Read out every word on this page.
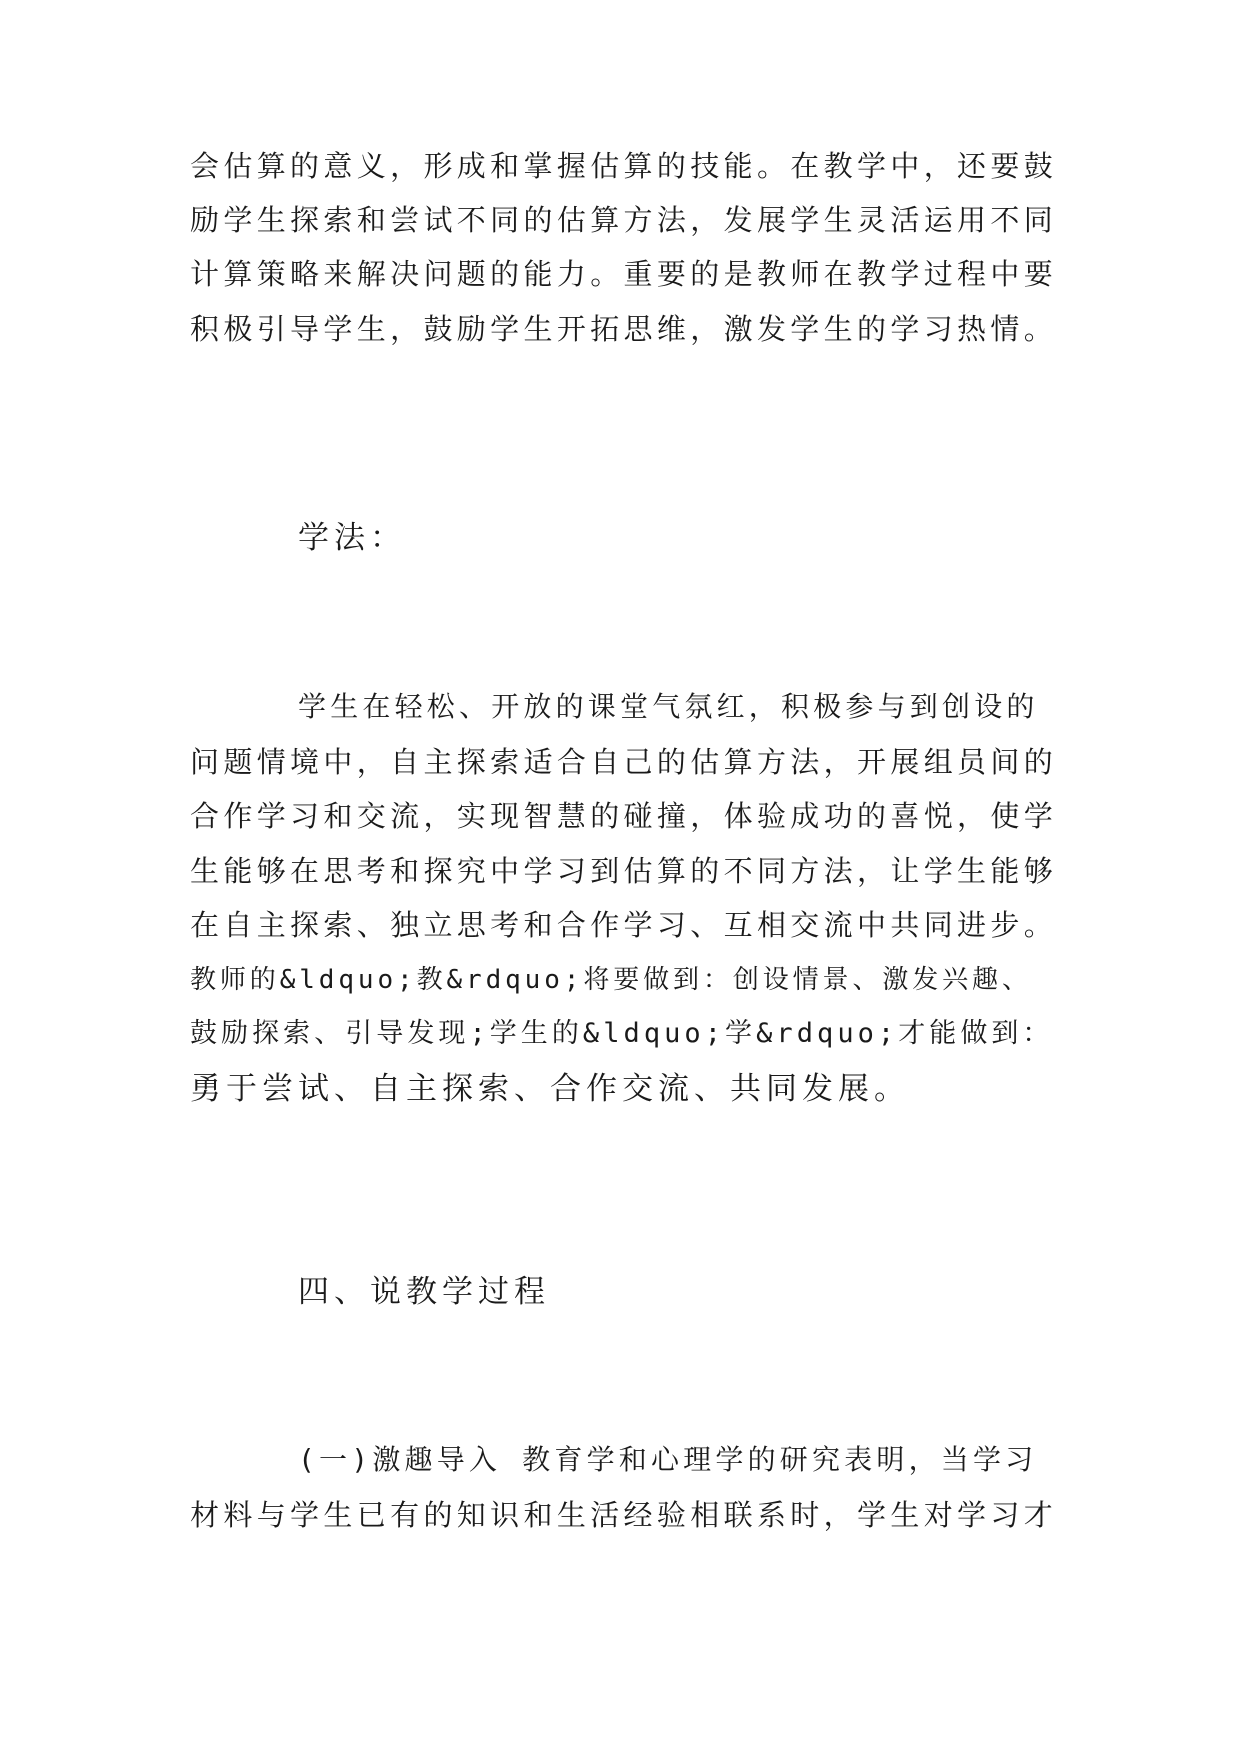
会估算的意义，形成和掌握估算的技能。在教学中，还要鼓
励学生探索和尝试不同的估算方法，发展学生灵活运用不同
计算策略来解决问题的能力。重要的是教师在教学过程中要
积极引导学生，鼓励学生开拓思维，激发学生的学习热情。
学法：
学生在轻松、开放的课堂气氛红，积极参与到创设的
问题情境中，自主探索适合自己的估算方法，开展组员间的
合作学习和交流，实现智慧的碰撞，体验成功的喜悦，使学
生能够在思考和探究中学习到估算的不同方法，让学生能够
在自主探索、独立思考和合作学习、互相交流中共同进步。
教师的&ldquo;教&rdquo;将要做到：创设情景、激发兴趣、
鼓励探索、引导发现;学生的&ldquo;学&rdquo;才能做到：
勇于尝试、自主探索、合作交流、共同发展。
四、说教学过程
(一)激趣导入 教育学和心理学的研究表明，当学习
材料与学生已有的知识和生活经验相联系时，学生对学习才
